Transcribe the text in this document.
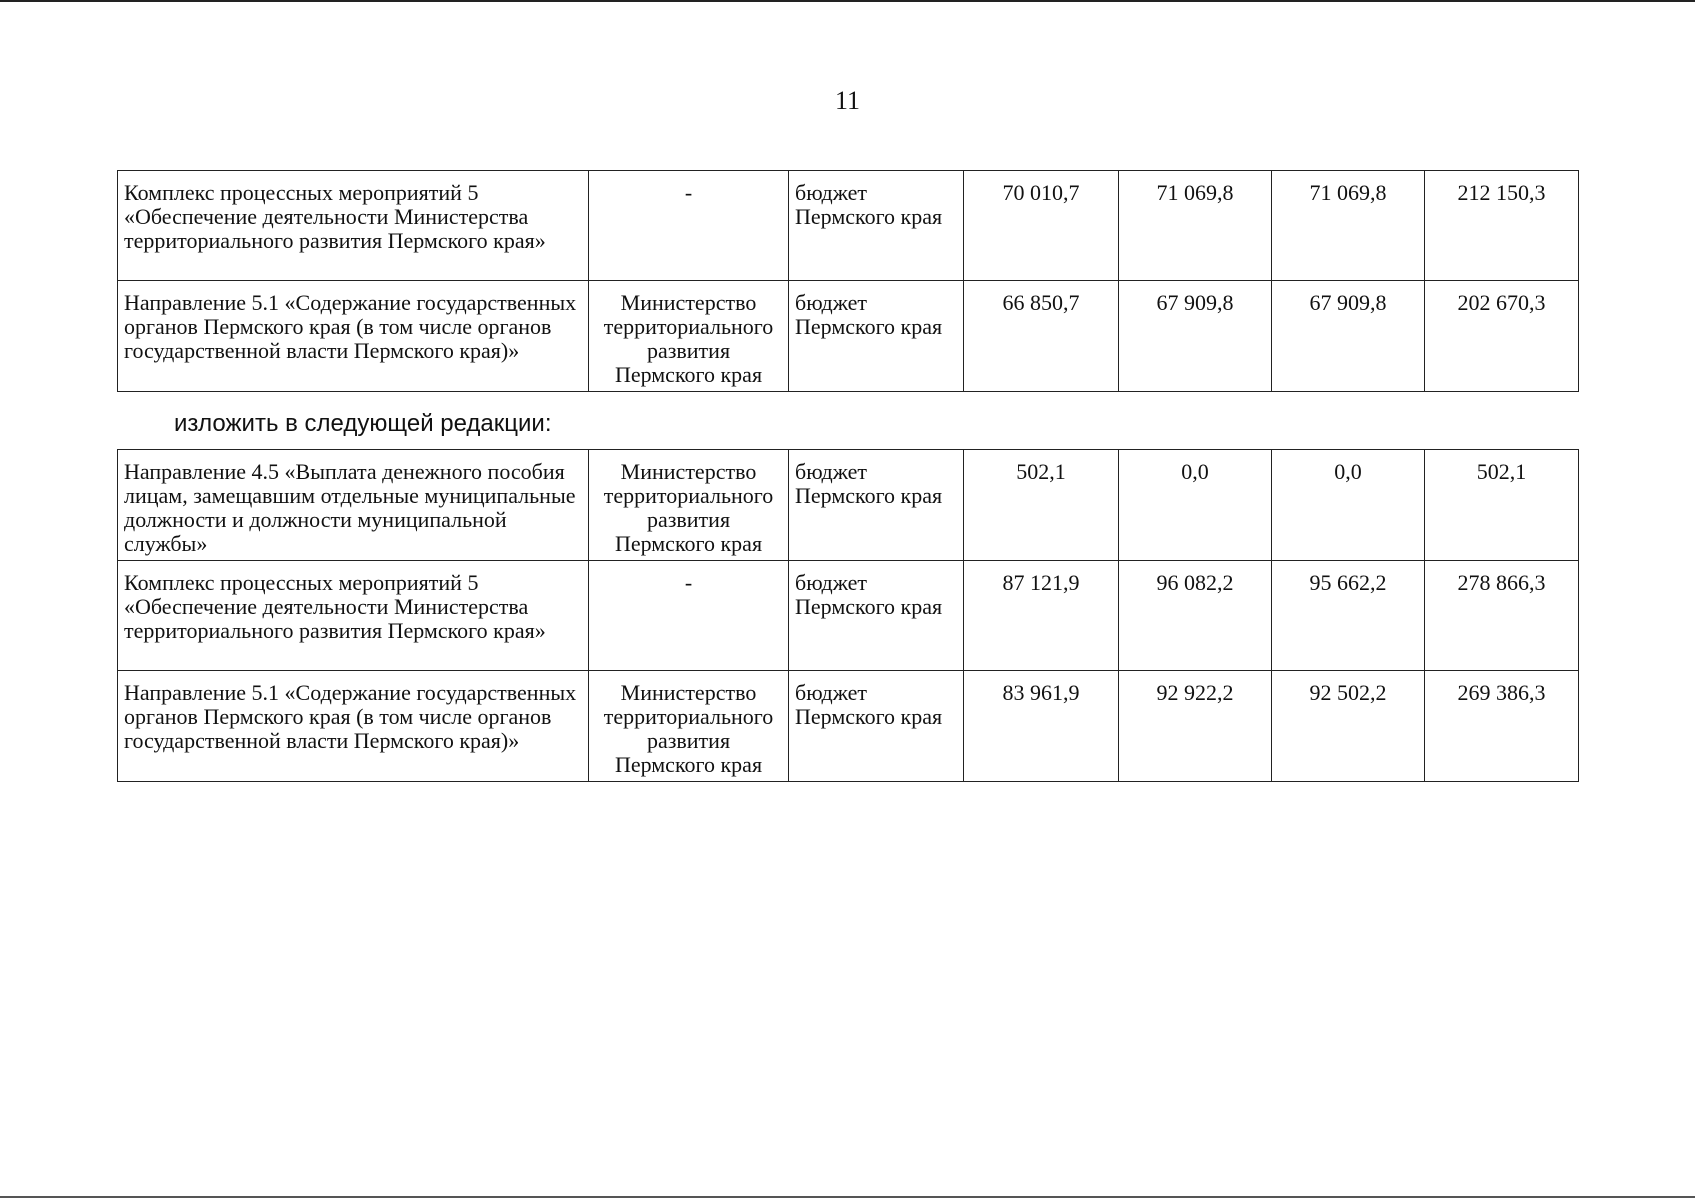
11
Комплекс процессных мероприятий 5 «Обеспечение деятельности Министерства территориального развития Пермского края»	-	бюджет Пермского края	70 010,7	71 069,8	71 069,8	212 150,3
Направление 5.1 «Содержание государственных органов Пермского края (в том числе органов государственной власти Пермского края)»	Министерство территориального развития Пермского края	бюджет Пермского края	66 850,7	67 909,8	67 909,8	202 670,3
изложить в следующей редакции:
Направление 4.5 «Выплата денежного пособия лицам, замещавшим отдельные муниципальные должности и должности муниципальной службы»	Министерство территориального развития Пермского края	бюджет Пермского края	502,1	0,0	0,0	502,1
Комплекс процессных мероприятий 5 «Обеспечение деятельности Министерства территориального развития Пермского края»	-	бюджет Пермского края	87 121,9	96 082,2	95 662,2	278 866,3
Направление 5.1 «Содержание государственных органов Пермского края (в том числе органов государственной власти Пермского края)»	Министерство территориального развития Пермского края	бюджет Пермского края	83 961,9	92 922,2	92 502,2	269 386,3
